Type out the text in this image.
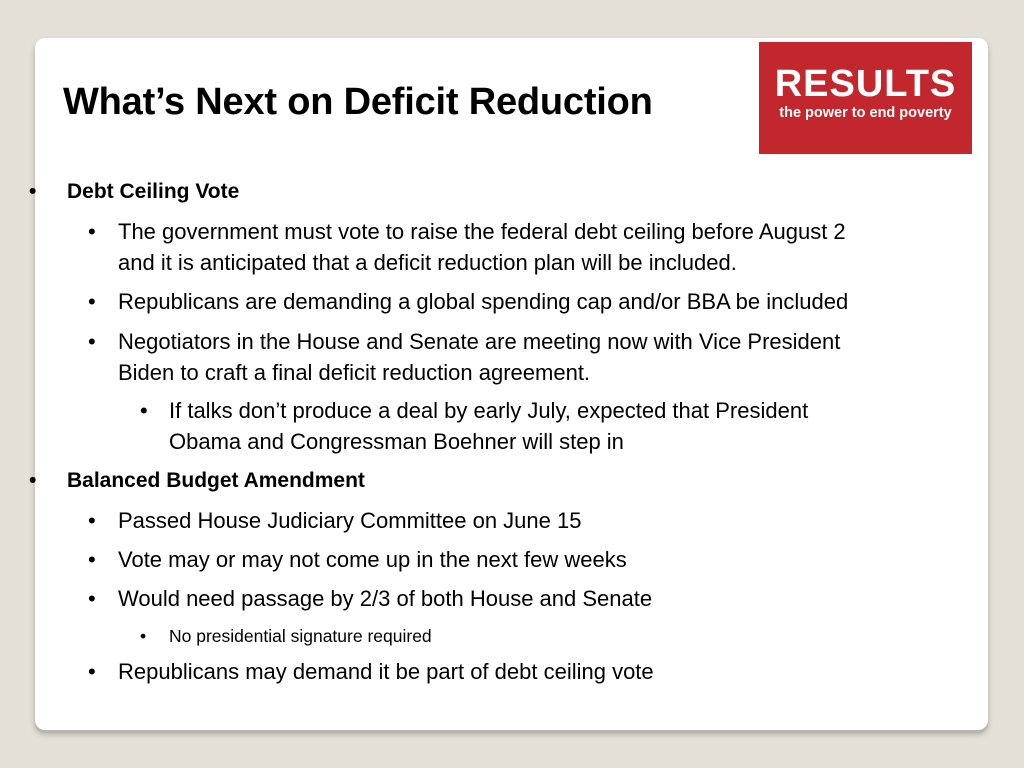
What’s Next on Deficit Reduction	RESULTS
the power to end poverty
• Debt Ceiling Vote
• The government must vote to raise the federal debt ceiling before August 2
and it is anticipated that a deficit reduction plan will be included.
• Republicans are demanding a global spending cap and/or BBA be included
• Negotiators in the House and Senate are meeting now with Vice President
Biden to craft a final deficit reduction agreement.
• If talks don’t produce a deal by early July, expected that President
Obama and Congressman Boehner will step in
• Balanced Budget Amendment
• Passed House Judiciary Committee on June 15
• Vote may or may not come up in the next few weeks
• Would need passage by 2/3 of both House and Senate
• No presidential signature required
• Republicans may demand it be part of debt ceiling vote
